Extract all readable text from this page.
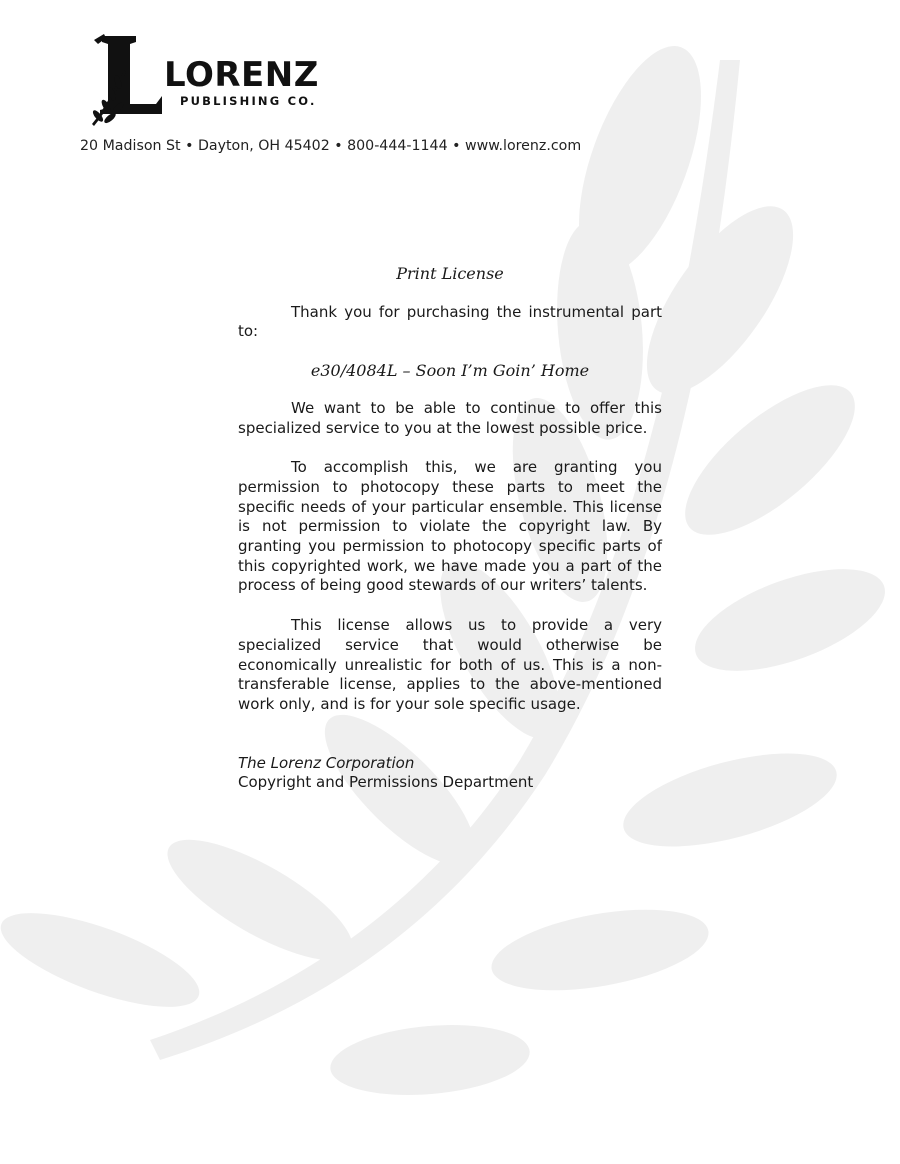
LORENZ
PUBLISHING CO.
20 Madison St • Dayton, OH 45402 • 800-444-1144 • www.lorenz.com
Print License

Thank you for purchasing the instrumental part to:

e30/4084L – Soon I’m Goin’ Home

We want to be able to continue to offer this specialized service to you at the lowest possible price.

To accomplish this, we are granting you permission to photocopy these parts to meet the specific needs of your particular ensemble. This license is not permission to violate the copyright law. By granting you permission to photocopy specific parts of this copyrighted work, we have made you a part of the process of being good stewards of our writers’ talents.

This license allows us to provide a very specialized service that would otherwise be economically unrealistic for both of us. This is a non-transferable license, applies to the above-mentioned work only, and is for your sole specific usage.

The Lorenz Corporation

Copyright and Permissions Department
